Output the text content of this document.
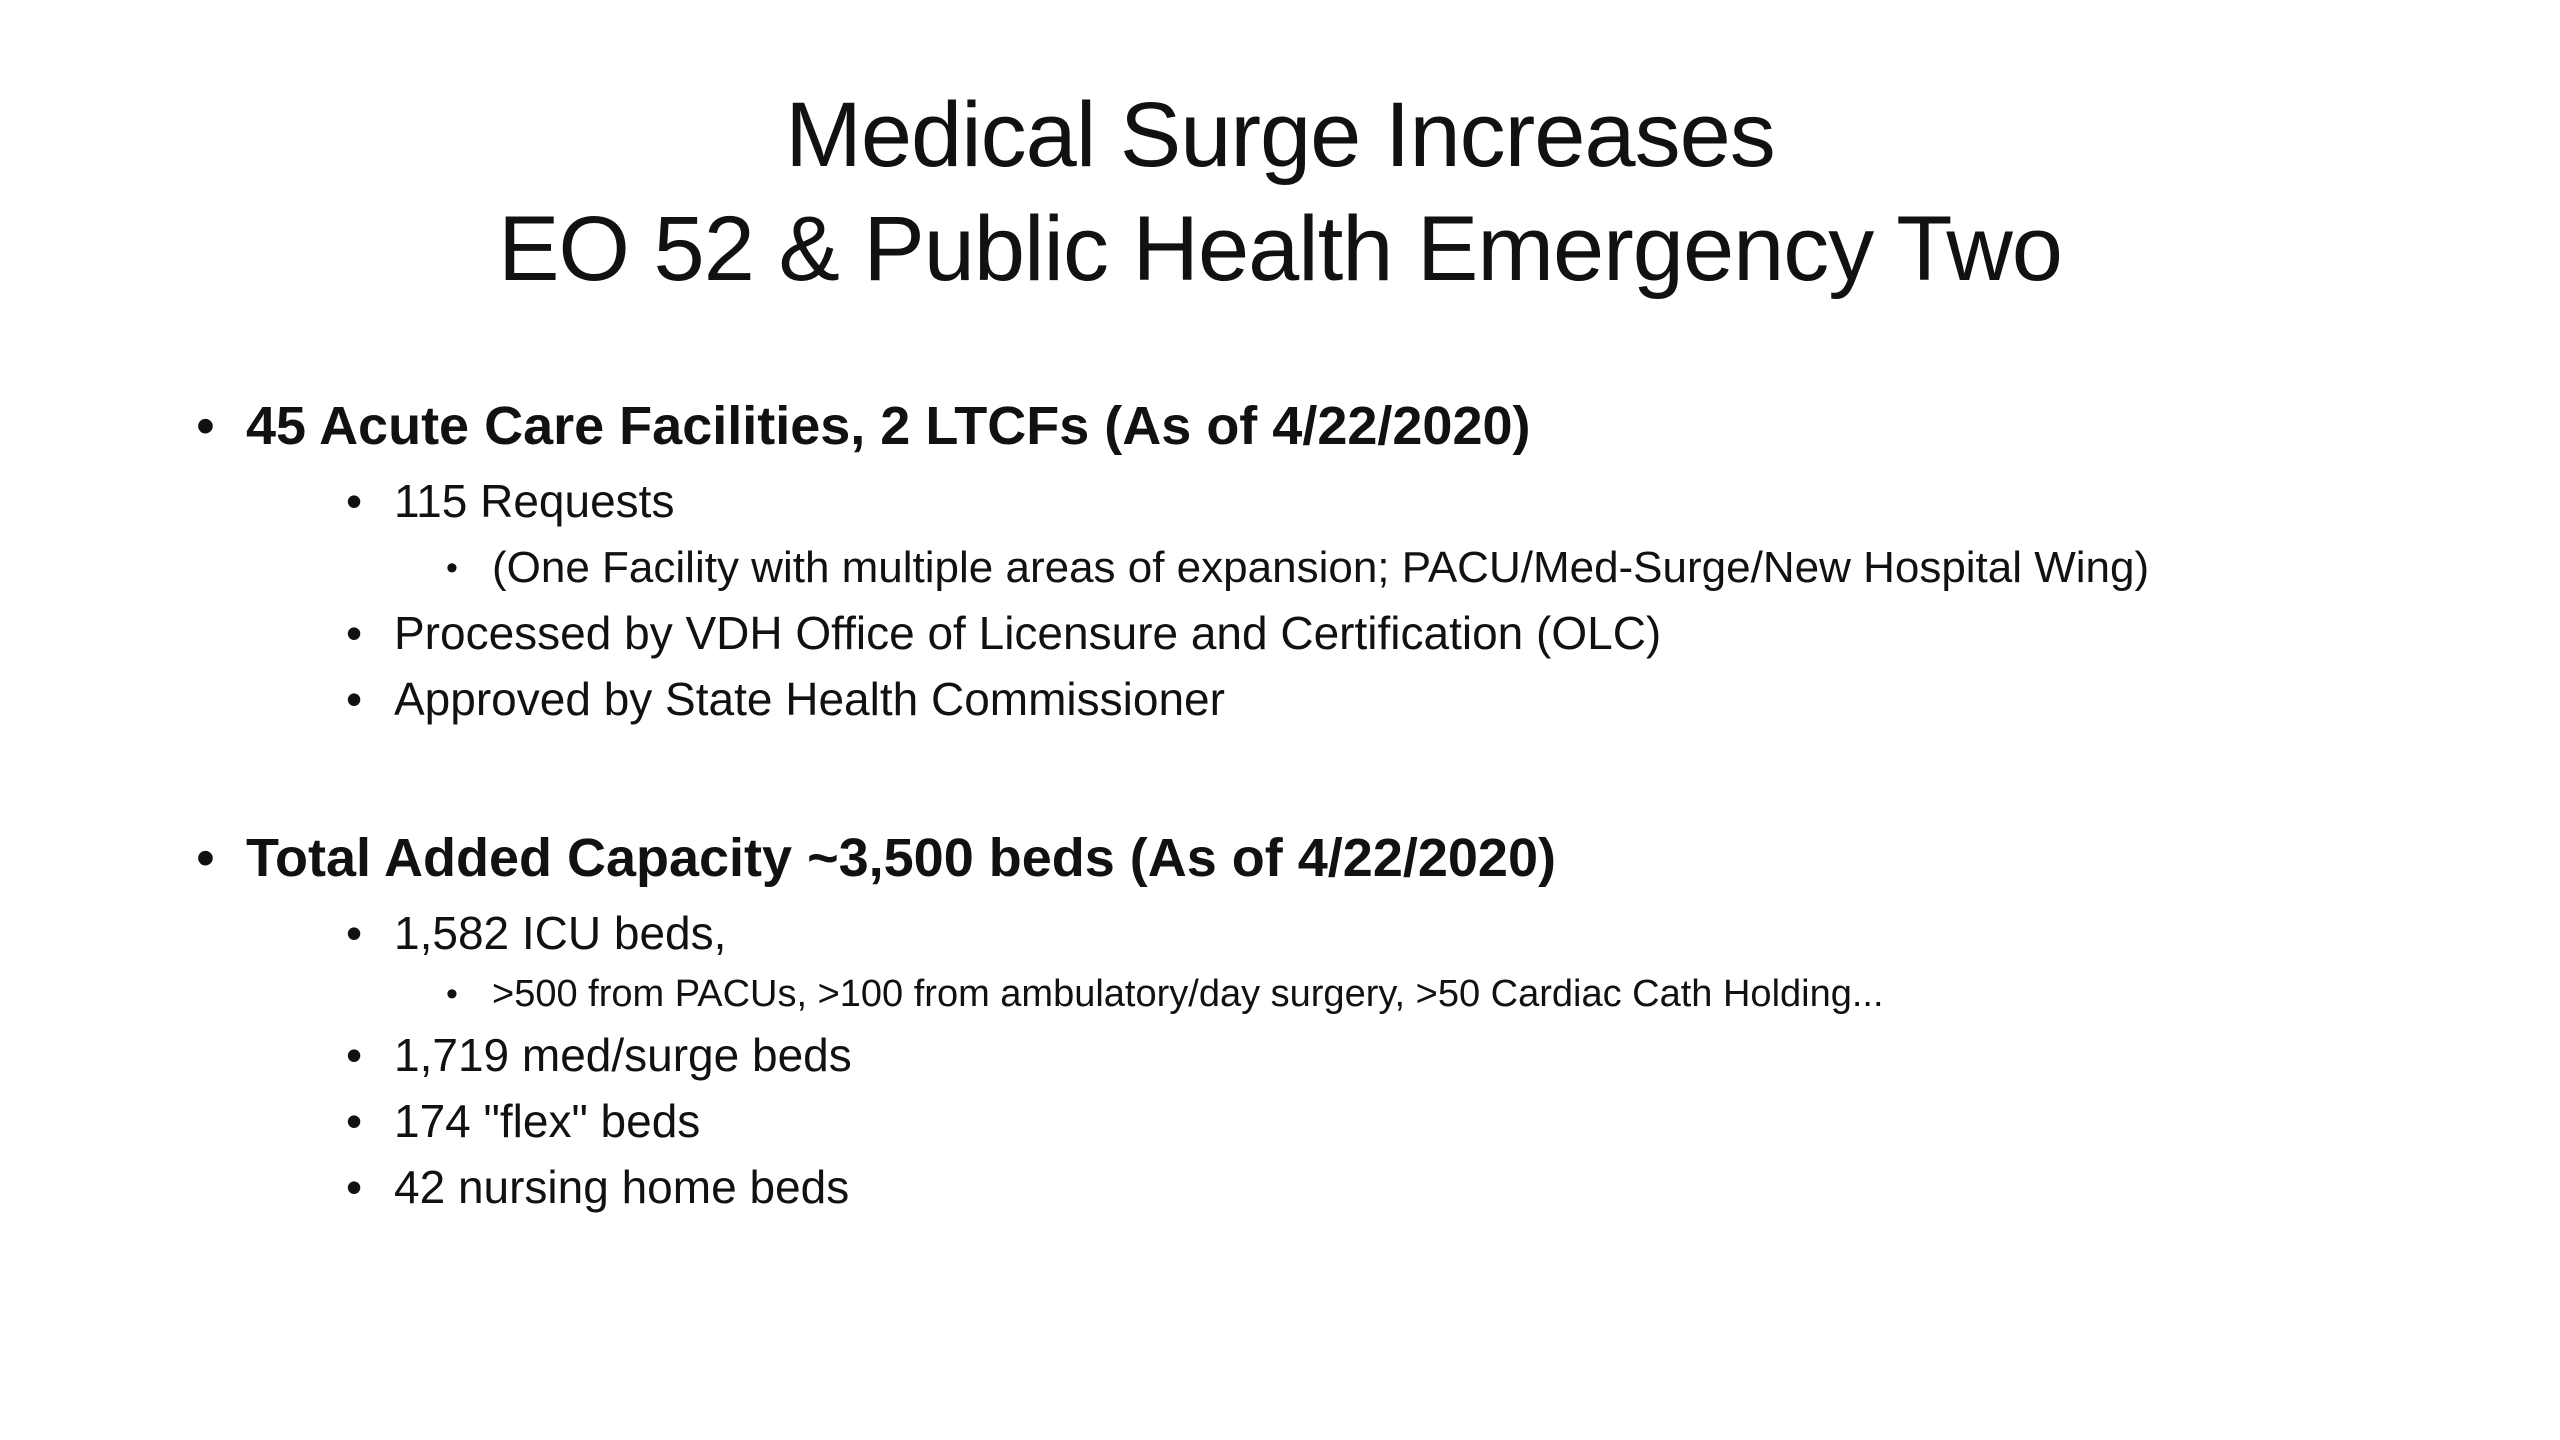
Medical Surge Increases
EO 52 & Public Health Emergency Two
• 45 Acute Care Facilities, 2 LTCFs (As of 4/22/2020)
• 115 Requests
• (One Facility with multiple areas of expansion; PACU/Med-Surge/New Hospital Wing)
• Processed by VDH Office of Licensure and Certification (OLC)
• Approved by State Health Commissioner
• Total Added Capacity ~3,500 beds (As of 4/22/2020)
• 1,582 ICU beds,
• >500 from PACUs, >100 from ambulatory/day surgery, >50 Cardiac Cath Holding...
• 1,719 med/surge beds
• 174 "flex" beds
• 42 nursing home beds
